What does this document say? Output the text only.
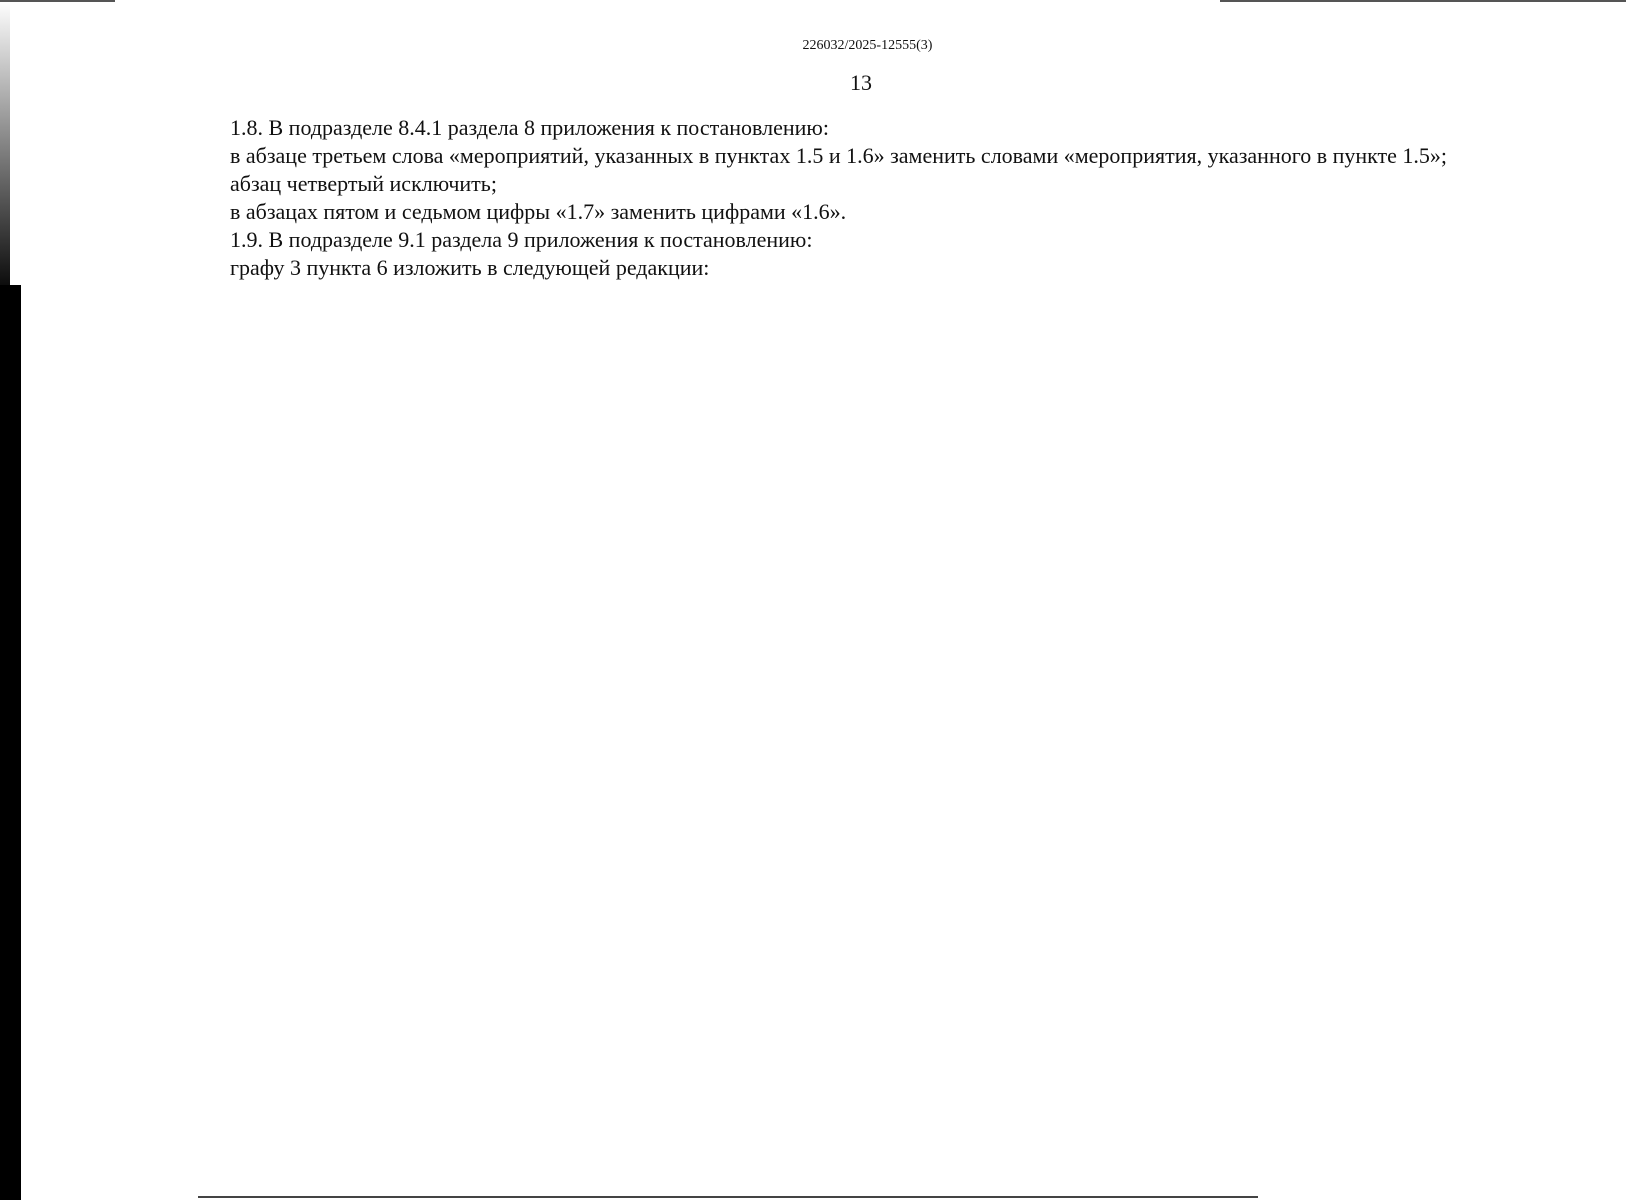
226032/2025-12555(3)
13

1.8. В подразделе 8.4.1 раздела 8 приложения к постановлению:

в абзаце третьем слова «мероприятий, указанных в пунктах 1.5 и 1.6» заменить словами «мероприятия, указанного в пункте 1.5»;

абзац четвертый исключить;

в абзацах пятом и седьмом цифры «1.7» заменить цифрами «1.6».

1.9. В подразделе 9.1 раздела 9 приложения к постановлению:

графу 3 пункта 6 изложить в следующей редакции:
